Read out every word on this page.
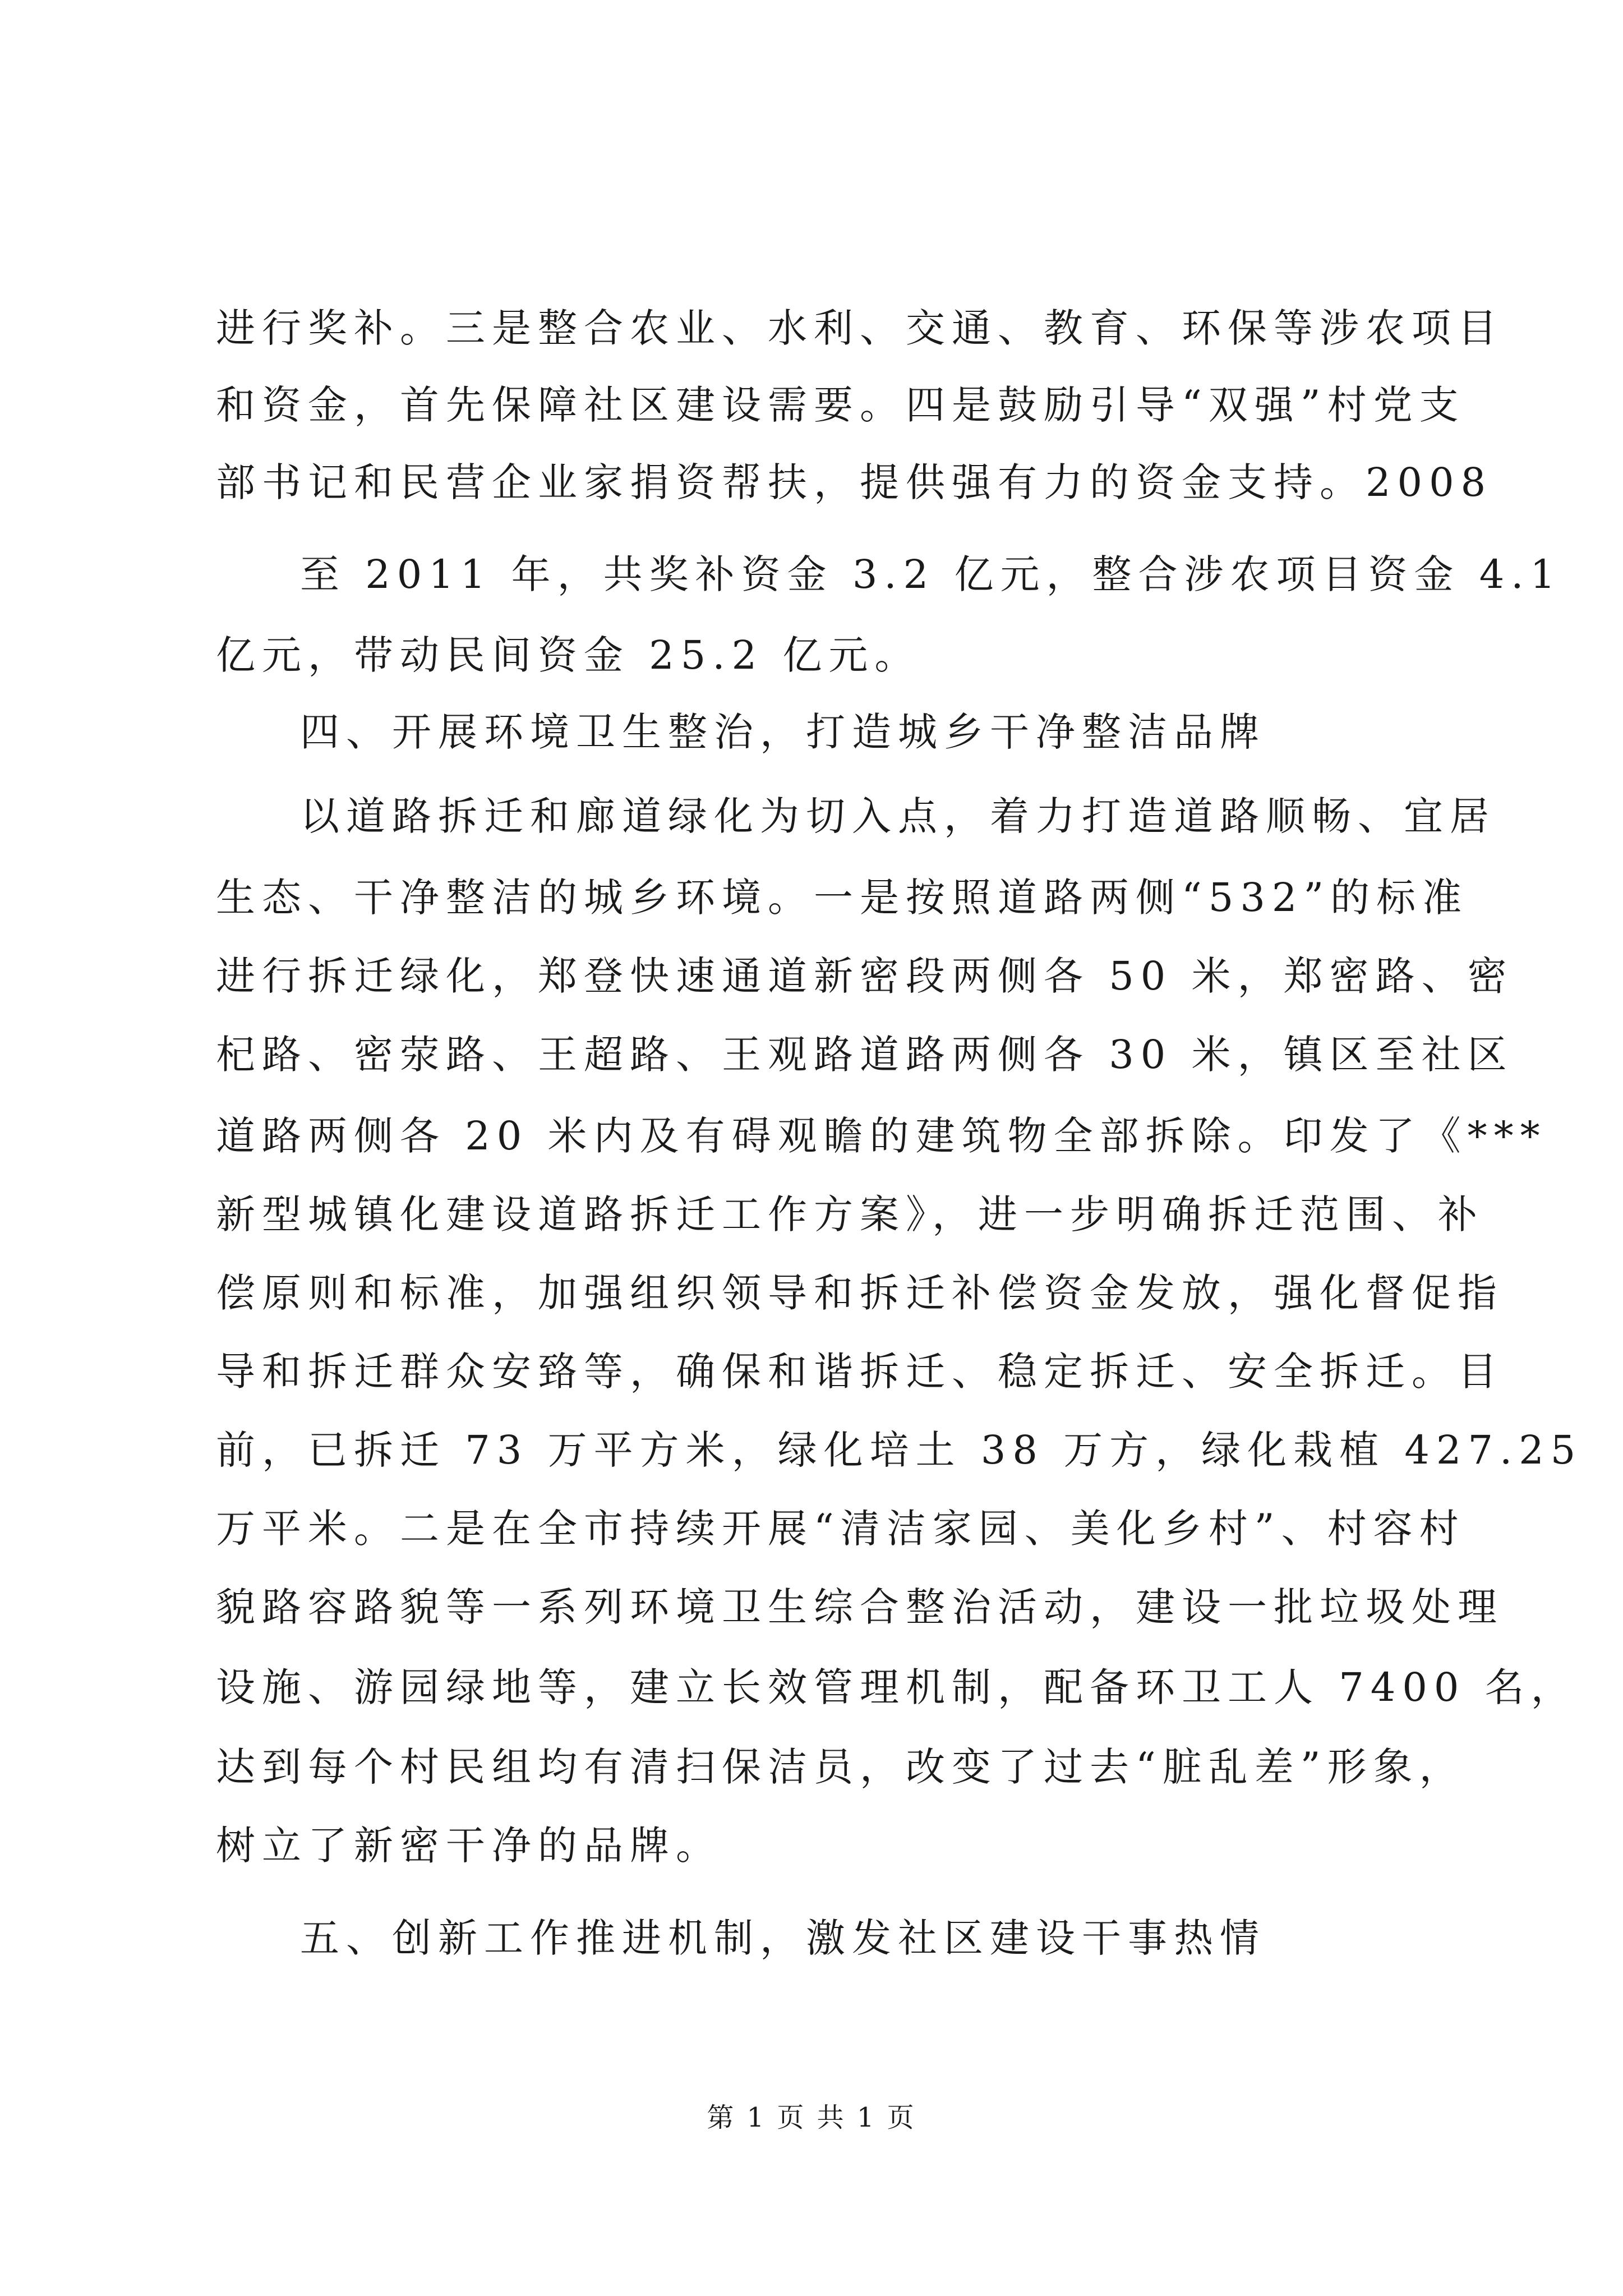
进行奖补。三是整合农业、水利、交通、教育、环保等涉农项目
和资金，首先保障社区建设需要。四是鼓励引导“双强”村党支
部书记和民营企业家捐资帮扶，提供强有力的资金支持。2008
至 2011 年，共奖补资金 3.2 亿元，整合涉农项目资金 4.1
亿元，带动民间资金 25.2 亿元。
四、开展环境卫生整治，打造城乡干净整洁品牌
以道路拆迁和廊道绿化为切入点，着力打造道路顺畅、宜居
生态、干净整洁的城乡环境。一是按照道路两侧“532”的标准
进行拆迁绿化，郑登快速通道新密段两侧各 50 米，郑密路、密
杞路、密荥路、王超路、王观路道路两侧各 30 米，镇区至社区
道路两侧各 20 米内及有碍观瞻的建筑物全部拆除。印发了《***
新型城镇化建设道路拆迁工作方案》，进一步明确拆迁范围、补
偿原则和标准，加强组织领导和拆迁补偿资金发放，强化督促指
导和拆迁群众安臵等，确保和谐拆迁、稳定拆迁、安全拆迁。目
前，已拆迁 73 万平方米，绿化培土 38 万方，绿化栽植 427.25
万平米。二是在全市持续开展“清洁家园、美化乡村”、村容村
貌路容路貌等一系列环境卫生综合整治活动，建设一批垃圾处理
设施、游园绿地等，建立长效管理机制，配备环卫工人 7400 名，
达到每个村民组均有清扫保洁员，改变了过去“脏乱差”形象，
树立了新密干净的品牌。
五、创新工作推进机制，激发社区建设干事热情
第 1 页 共 1 页
